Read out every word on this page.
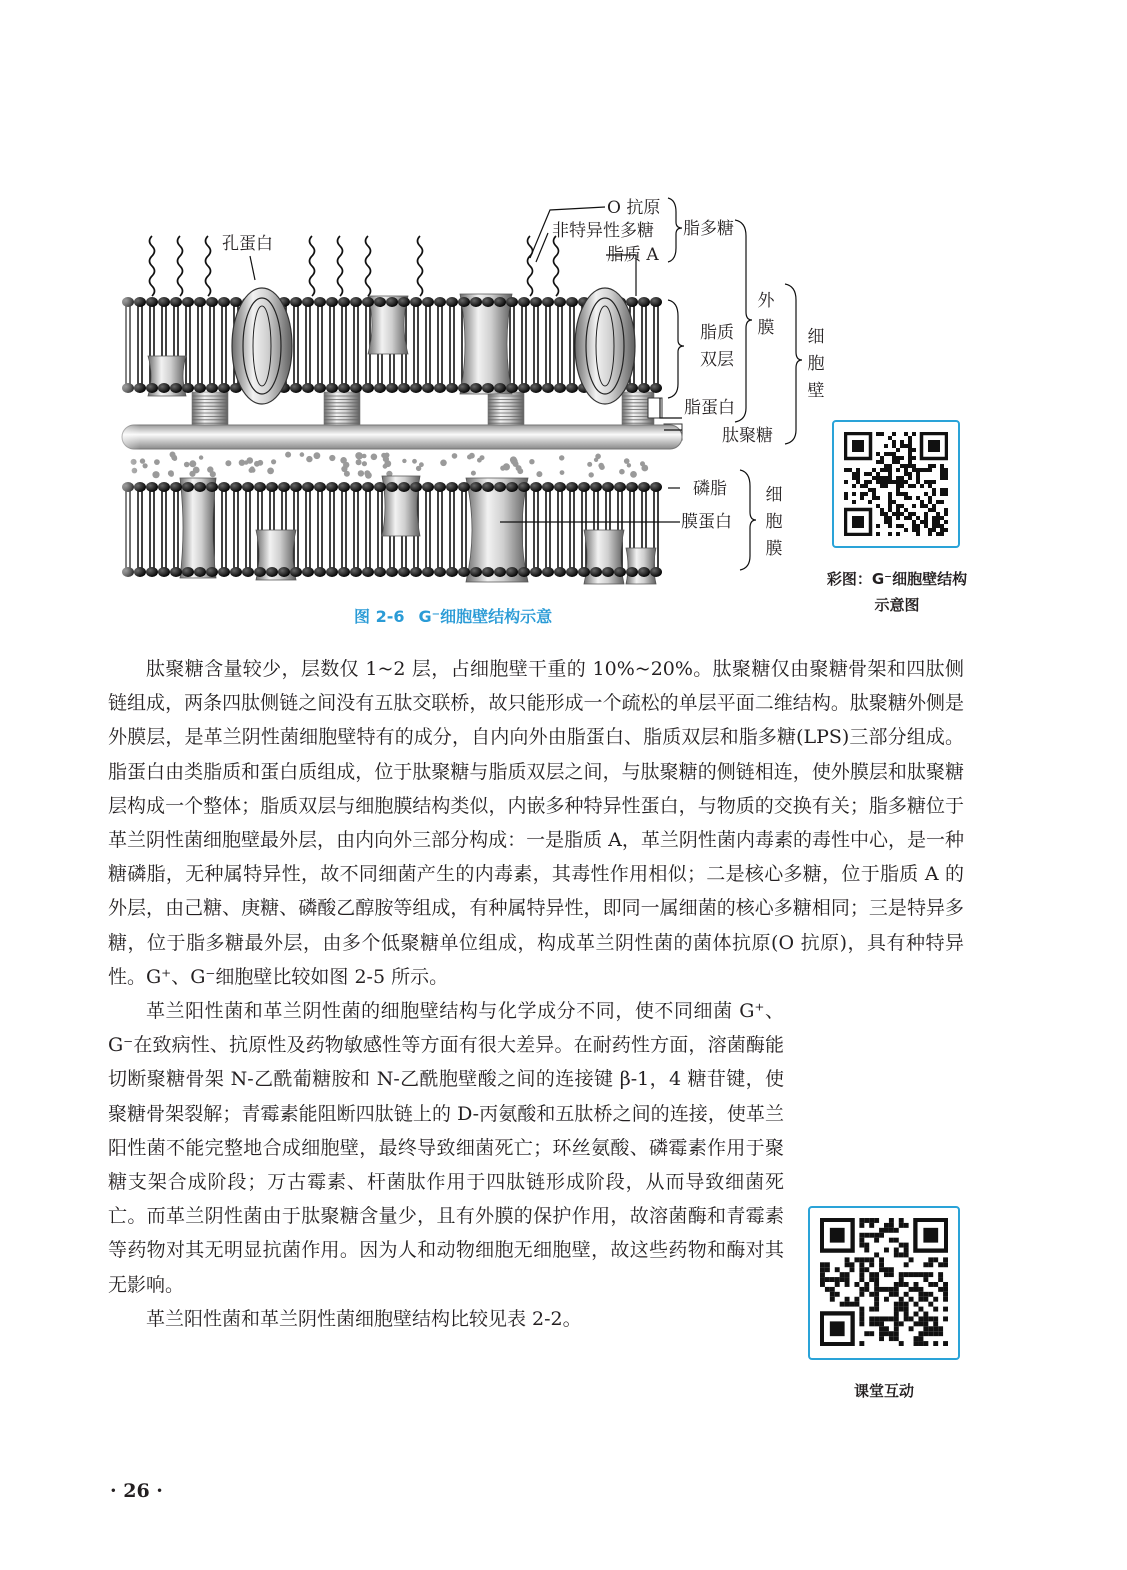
孔蛋白
O 抗原
非特异性多糖
脂质 A
脂多糖
外膜
脂质双层
脂蛋白
肽聚糖
细胞壁
磷脂
膜蛋白
细胞膜
图 2-6 G⁻细胞壁结构示意
彩图：G⁻细胞壁结构示意图
课堂互动

肽聚糖含量较少，层数仅 1~2 层，占细胞壁干重的 10%~20%。肽聚糖仅由聚糖骨架和四肽侧链组成，两条四肽侧链之间没有五肽交联桥，故只能形成一个疏松的单层平面二维结构。肽聚糖外侧是外膜层，是革兰阴性菌细胞壁特有的成分，自内向外由脂蛋白、脂质双层和脂多糖(LPS)三部分组成。脂蛋白由类脂质和蛋白质组成，位于肽聚糖与脂质双层之间，与肽聚糖的侧链相连，使外膜层和肽聚糖层构成一个整体；脂质双层与细胞膜结构类似，内嵌多种特异性蛋白，与物质的交换有关；脂多糖位于革兰阴性菌细胞壁最外层，由内向外三部分构成：一是脂质 A，革兰阴性菌内毒素的毒性中心，是一种糖磷脂，无种属特异性，故不同细菌产生的内毒素，其毒性作用相似；二是核心多糖，位于脂质 A 的外层，由己糖、庚糖、磷酸乙醇胺等组成，有种属特异性，即同一属细菌的核心多糖相同；三是特异多糖，位于脂多糖最外层，由多个低聚糖单位组成，构成革兰阴性菌的菌体抗原(O 抗原)，具有种特异性。G⁺、G⁻细胞壁比较如图 2-5 所示。

革兰阳性菌和革兰阴性菌的细胞壁结构与化学成分不同，使不同细菌 G⁺、G⁻在致病性、抗原性及药物敏感性等方面有很大差异。在耐药性方面，溶菌酶能切断聚糖骨架 N-乙酰葡糖胺和 N-乙酰胞壁酸之间的连接键 β-1，4 糖苷键，使聚糖骨架裂解；青霉素能阻断四肽链上的 D-丙氨酸和五肽桥之间的连接，使革兰阳性菌不能完整地合成细胞壁，最终导致细菌死亡；环丝氨酸、磷霉素作用于聚糖支架合成阶段；万古霉素、杆菌肽作用于四肽链形成阶段，从而导致细菌死亡。而革兰阴性菌由于肽聚糖含量少，且有外膜的保护作用，故溶菌酶和青霉素等药物对其无明显抗菌作用。因为人和动物细胞无细胞壁，故这些药物和酶对其无影响。

革兰阳性菌和革兰阴性菌细胞壁结构比较见表 2-2。

· 26 ·
